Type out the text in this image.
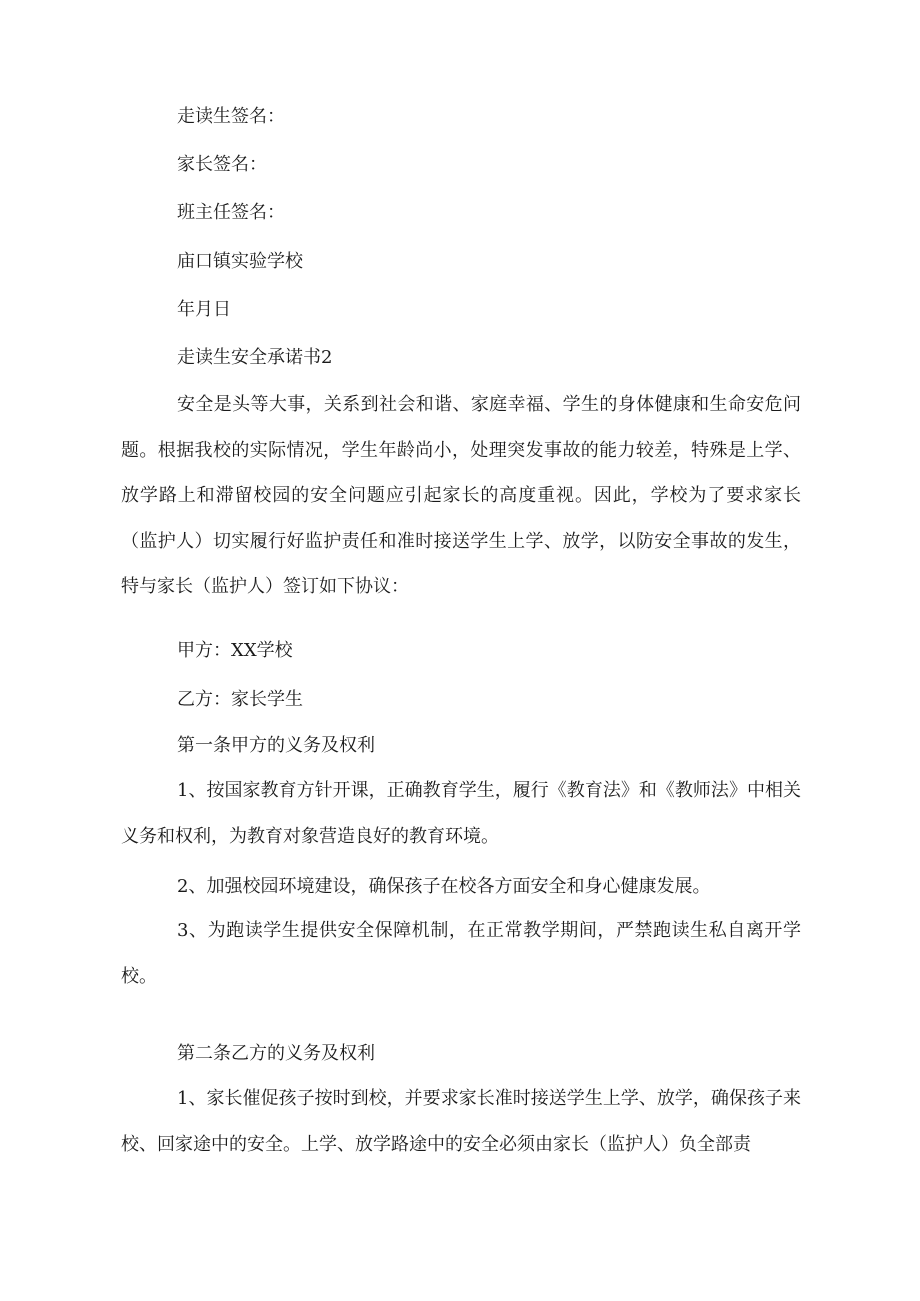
走读生签名：
家长签名：
班主任签名：
庙口镇实验学校
年月日
走读生安全承诺书2

安全是头等大事，关系到社会和谐、家庭幸福、学生的身体健康和生命安危问题。根据我校的实际情况，学生年龄尚小，处理突发事故的能力较差，特殊是上学、放学路上和滞留校园的安全问题应引起家长的高度重视。因此，学校为了要求家长（监护人）切实履行好监护责任和准时接送学生上学、放学，以防安全事故的发生，特与家长（监护人）签订如下协议：

甲方：XX学校
乙方：家长学生
第一条甲方的义务及权利

1、按国家教育方针开课，正确教育学生，履行《教育法》和《教师法》中相关义务和权利，为教育对象营造良好的教育环境。

2、加强校园环境建设，确保孩子在校各方面安全和身心健康发展。

3、为跑读学生提供安全保障机制，在正常教学期间，严禁跑读生私自离开学校。

第二条乙方的义务及权利

1、家长催促孩子按时到校，并要求家长准时接送学生上学、放学，确保孩子来校、回家途中的安全。上学、放学路途中的安全必须由家长（监护人）负全部责
